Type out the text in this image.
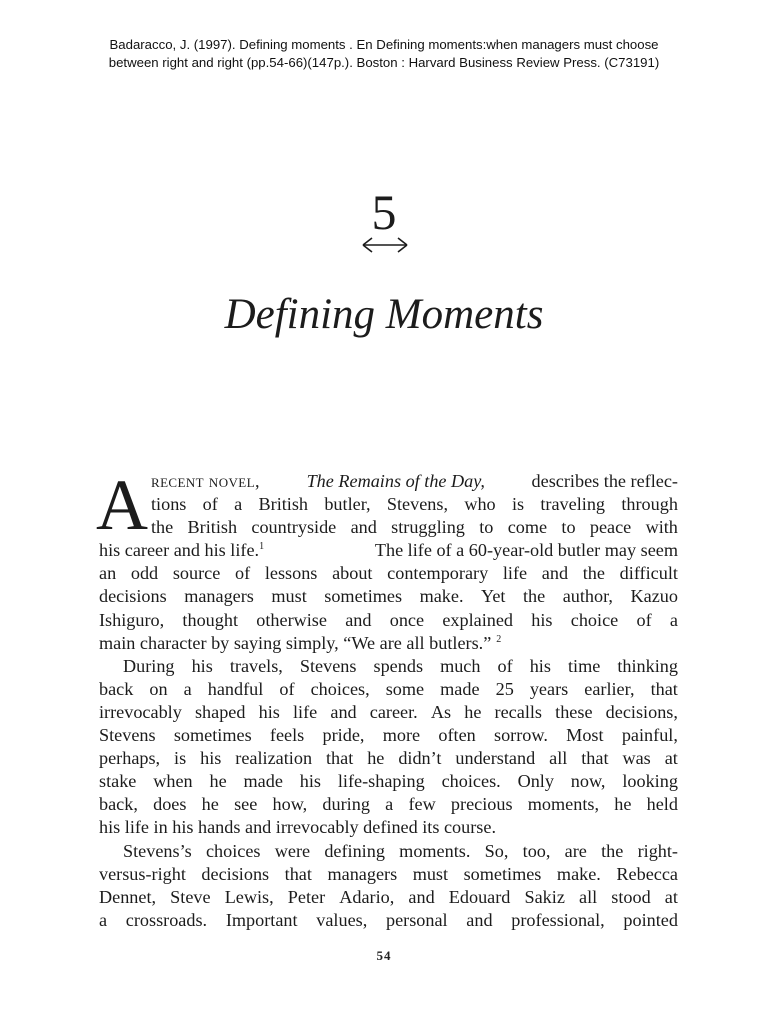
Badaracco, J. (1997). Defining moments . En Defining moments:when managers must choose
between right and right (pp.54-66)(147p.). Boston : Harvard Business Review Press. (C73191)
5
Defining Moments
A recent novel,	The Remains of the Day,	describes the reflec-
tions of a British butler, Stevens, who is traveling through
the British countryside and struggling to come to peace with
his career and his life.$^1$	The life of a 60-year-old butler may seem
an odd source of lessons about contemporary life and the difficult
decisions managers must sometimes make. Yet the author, Kazuo
Ishiguro, thought otherwise and once explained his choice of a
main character by saying simply, “We are all butlers.” $^2$
During his travels, Stevens spends much of his time thinking
back on a handful of choices, some made 25 years earlier, that
irrevocably shaped his life and career. As he recalls these decisions,
Stevens sometimes feels pride, more often sorrow. Most painful,
perhaps, is his realization that he didn’t understand all that was at
stake when he made his life-shaping choices. Only now, looking
back, does he see how, during a few precious moments, he held
his life in his hands and irrevocably defined its course.
Stevens’s choices were defining moments. So, too, are the right-
versus-right decisions that managers must sometimes make. Rebecca
Dennet, Steve Lewis, Peter Adario, and Edouard Sakiz all stood at
a crossroads. Important values, personal and professional, pointed
54
